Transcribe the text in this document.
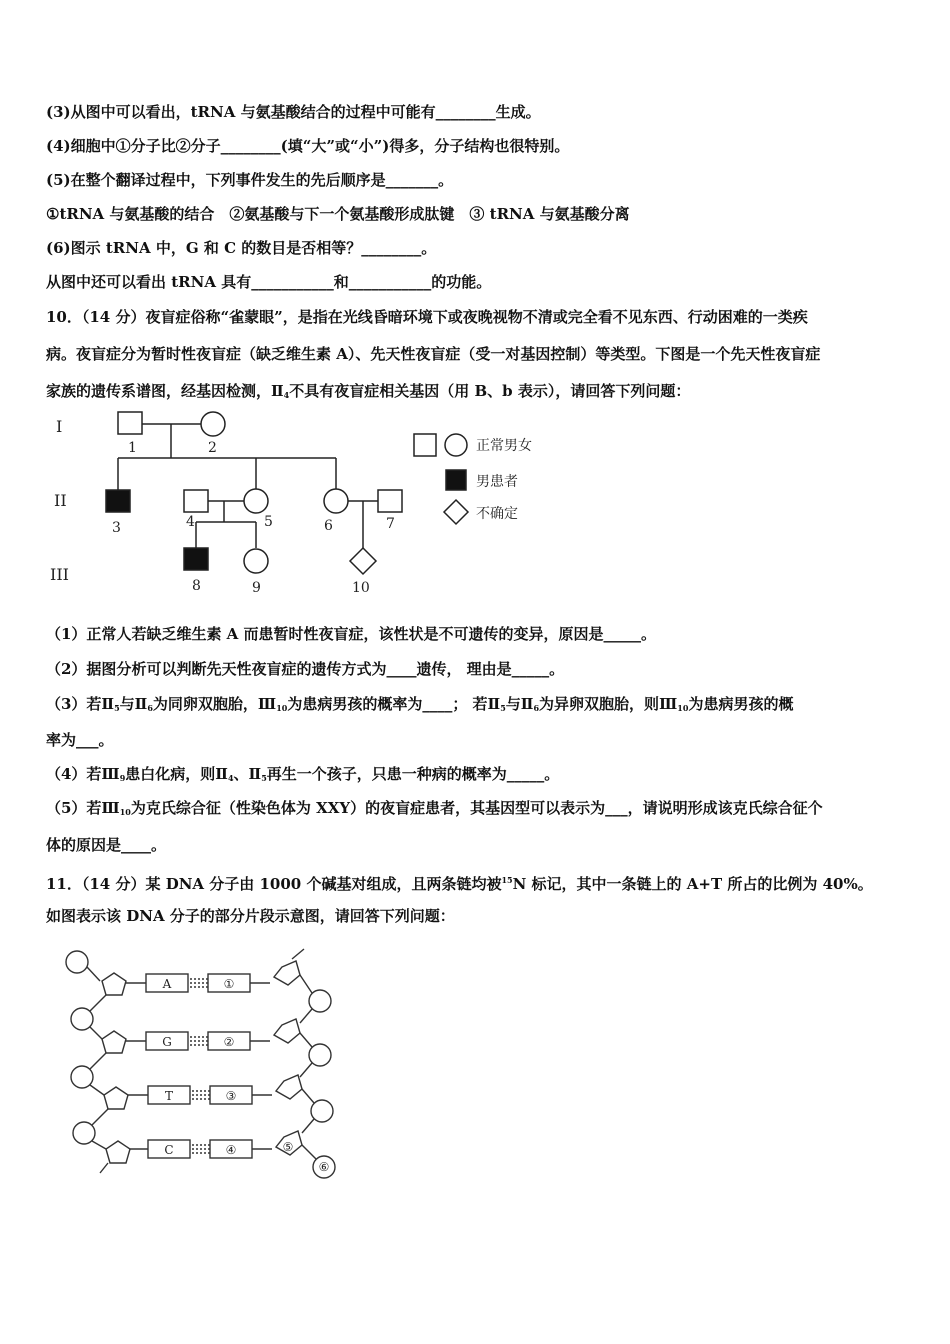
(3)从图中可以看出，tRNA 与氨基酸结合的过程中可能有________生成。
(4)细胞中①分子比②分子________(填“大”或“小”)得多，分子结构也很特别。
(5)在整个翻译过程中，下列事件发生的先后顺序是_______。
①tRNA 与氨基酸的结合　②氨基酸与下一个氨基酸形成肽键　③ tRNA 与氨基酸分离
(6)图示 tRNA 中，G 和 C 的数目是否相等？________。
从图中还可以看出 tRNA 具有___________和___________的功能。
10．（14 分）夜盲症俗称“雀蒙眼”，是指在光线昏暗环境下或夜晚视物不清或完全看不见东西、行动困难的一类疾
病。夜盲症分为暂时性夜盲症（缺乏维生素 A）、先天性夜盲症（受一对基因控制）等类型。下图是一个先天性夜盲症
家族的遗传系谱图，经基因检测，$Ⅱ_4$不具有夜盲症相关基因（用 B、b 表示），请回答下列问题：
I
II
III
1	2
3	4	5	6	7
8	9	10
正常男女
男患者
不确定
（1）正常人若缺乏维生素 A 而患暂时性夜盲症，该性状是不可遗传的变异，原因是_____。
（2）据图分析可以判断先天性夜盲症的遗传方式为____遗传， 理由是_____。
（3）若$Ⅱ_5$与$Ⅱ_6$为同卵双胞胎，$Ⅲ_{10}$为患病男孩的概率为____； 若$Ⅱ_5$与$Ⅱ_6$为异卵双胞胎，则$Ⅲ_{10}$为患病男孩的概
率为___。
（4）若$Ⅲ_9$患白化病，则$Ⅱ_4$、$Ⅱ_5$再生一个孩子，只患一种病的概率为_____。
（5）若$Ⅲ_{10}$为克氏综合征（性染色体为 XXY）的夜盲症患者，其基因型可以表示为___，请说明形成该克氏综合征个
体的原因是____。
11．（14 分）某 DNA 分子由 1000 个碱基对组成，且两条链均被$^{15}$N 标记，其中一条链上的 A+T 所占的比例为 40%。
如图表示该 DNA 分子的部分片段示意图，请回答下列问题：
A
G
T
C
①
②
③
④	⑤
⑥
